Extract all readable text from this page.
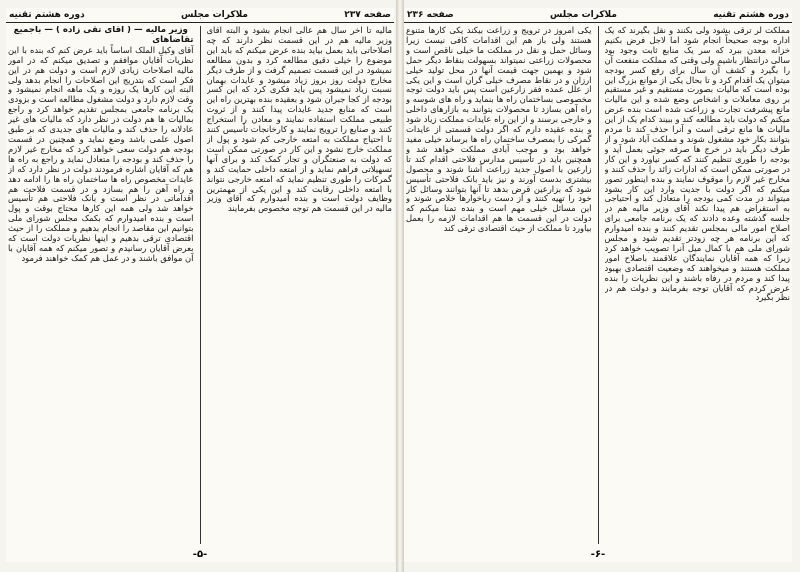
دوره هشتم تقنیه
ملاکرات مجلس
صفحه ۲۳۶

مملکت لر ترقی بشود ولی بکنند و نقل بگیرند که یک اداره بوجه صحیحاً انجام شود اما لاجل فرض بکنیم خزانه معدن ببرد که سر یک منابع ثابت وجود بود سالی درانتظار باشیم ولی وقتی که مملکت منفعت آن را بگیرد و کشف آن سال برای رفع کسر بودجه میتوان یک اقدام کرد و تا بحال یکی از موانع بزرگ این بوده است که مالیات بصورت مستقیم و غیر مستقیم بر روی معاملات و اشخاص وضع شده و این مالیات مانع پیشرفت تجارت و زراعت شده است بنده عرض میکنم که دولت باید مطالعه کند و ببیند کدام یک از این مالیات ها مانع ترقی است و آنرا حذف کند تا مردم بتوانند بکار خود مشغول شوند و مملکت آباد شود و از طرف دیگر باید در خرج ها صرفه جوئی بعمل آید و بودجه را طوری تنظیم کنند که کسر نیاورد و این کار در صورتی ممکن است که ادارات زائد را حذف کنند و مخارج غیر لازم را موقوف نمایند و بنده اینطور تصور میکنم که اگر دولت با جدیت وارد این کار بشود میتواند در مدت کمی بودجه را متعادل کند و احتیاجی به استقراض هم پیدا نکند آقای وزیر مالیه هم در جلسه گذشته وعده دادند که یک برنامه جامعی برای اصلاح امور مالی بمجلس تقدیم کنند و بنده امیدوارم که این برنامه هر چه زودتر تقدیم شود و مجلس شورای ملی هم با کمال میل آنرا تصویب خواهد کرد زیرا که همه آقایان نمایندگان علاقمند باصلاح امور مملکت هستند و میخواهند که وضعیت اقتصادی بهبود پیدا کند و مردم در رفاه باشند و این نظریات را بنده عرض کردم که آقایان توجه بفرمایند و دولت هم در نظر بگیرد

یکی امروز در ترویج و زراعت بیکند یکی کارها متنوع هستند ولی باز هم این اقدامات کافی نیست زیرا وسائل حمل و نقل در مملکت ما خیلی ناقص است و محصولات زراعتی نمیتواند بسهولت بنقاط دیگر حمل شود و بهمین جهت قیمت آنها در محل تولید خیلی ارزان و در نقاط مصرف خیلی گران است و این یکی از علل عمده فقر زارعین است پس باید دولت توجه مخصوصی بساختمان راه ها بنماید و راه های شوسه و راه آهن بسازد تا محصولات بتوانند به بازارهای داخلی و خارجی برسند و از این راه عایدات مملکت زیاد شود و بنده عقیده دارم که اگر دولت قسمتی از عایدات گمرکی را بمصرف ساختمان راه ها برساند خیلی مفید خواهد بود و موجب آبادی مملکت خواهد شد و همچنین باید در تأسیس مدارس فلاحتی اقدام کند تا زارعین با اصول جدید زراعت آشنا شوند و محصول بیشتری بدست آورند و نیز باید بانک فلاحتی تأسیس شود که بزارعین قرض بدهد تا آنها بتوانند وسائل کار خود را تهیه کنند و از دست رباخوارها خلاص شوند و این مسائل خیلی مهم است و بنده تمنا میکنم که دولت در این قسمت ها هم اقدامات لازمه را بعمل بیاورد تا مملکت از حیث اقتصادی ترقی کند

-۶-
صفحه ۲۳۷
ملاکرات مجلس
دوره هشتم تقنیه

مالیه تا آخر سال هم عالی انجام بشود و البته آقای وزیر مالیه هم در این قسمت نظر دارند که چه اصلاحاتی باید بعمل بیاید بنده عرض میکنم که باید این موضوع را خیلی دقیق مطالعه کرد و بدون مطالعه نمیشود در این قسمت تصمیم گرفت و از طرف دیگر مخارج دولت روز بروز زیاد میشود و عایدات بهمان نسبت زیاد نمیشود پس باید فکری کرد که این کسر بودجه از کجا جبران شود و بعقیده بنده بهترین راه این است که منابع جدید عایدات پیدا کنند و از ثروت طبیعی مملکت استفاده نمایند و معادن را استخراج کنند و صنایع را ترویج نمایند و کارخانجات تأسیس کنند تا احتیاج مملکت به امتعه خارجی کم شود و پول از مملکت خارج نشود و این کار در صورتی ممکن است که دولت به صنعتگران و تجار کمک کند و برای آنها تسهیلاتی فراهم نماید و از امتعه داخلی حمایت کند و گمرکات را طوری تنظیم نماید که امتعه خارجی نتواند با امتعه داخلی رقابت کند و این یکی از مهمترین وظایف دولت است و بنده امیدوارم که آقای وزیر مالیه در این قسمت هم توجه مخصوص بفرمایند

وزیر مالیه — ( آقای تقی زاده ) — باجمیع تقاضاهای

آقای وکیل الملک اساساً باید عرض کنم که بنده با این نظریات آقایان موافقم و تصدیق میکنم که در امور مالیه اصلاحات زیادی لازم است و دولت هم در این فکر است که بتدریج این اصلاحات را انجام بدهد ولی البته این کارها یک روزه و یک ماهه انجام نمیشود و وقت لازم دارد و دولت مشغول مطالعه است و بزودی یک برنامه جامعی بمجلس تقدیم خواهد کرد و راجع بمالیات ها هم دولت در نظر دارد که مالیات های غیر عادلانه را حذف کند و مالیات های جدیدی که بر طبق اصول علمی باشد وضع نماید و همچنین در قسمت بودجه هم دولت سعی خواهد کرد که مخارج غیر لازم را حذف کند و بودجه را متعادل نماید و راجع به راه ها هم که آقایان اشاره فرمودند دولت در نظر دارد که از عایدات مخصوص راه ها ساختمان راه ها را ادامه دهد و راه آهن را هم بسازد و در قسمت فلاحت هم اقداماتی در نظر است و بانک فلاحتی هم تأسیس خواهد شد ولی همه این کارها محتاج بوقت و پول است و بنده امیدوارم که بکمک مجلس شورای ملی بتوانیم این مقاصد را انجام بدهیم و مملکت را از حیث اقتصادی ترقی بدهیم و اینها نظریات دولت است که بعرض آقایان رسانیدم و تصور میکنم که همه آقایان با آن موافق باشند و در عمل هم کمک خواهند فرمود

-۵-
